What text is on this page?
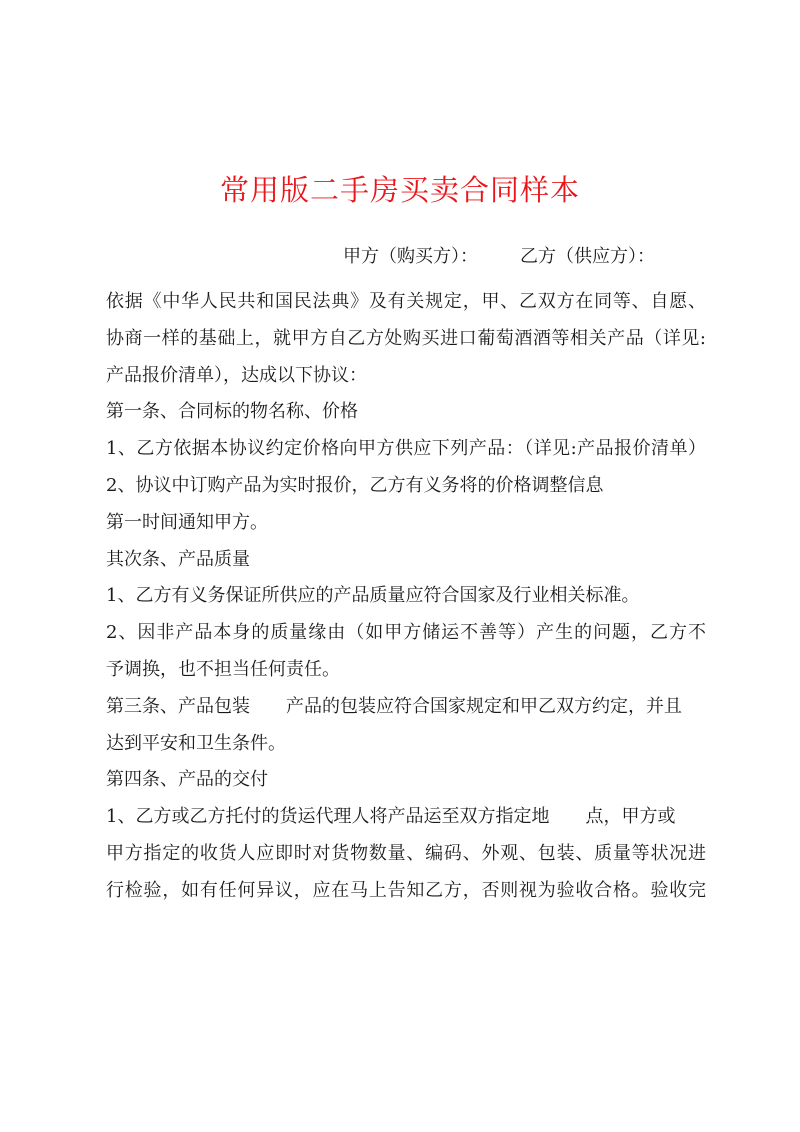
常用版二手房买卖合同样本
甲方（购买方）： 乙方（供应方）：
依据《中华人民共和国民法典》及有关规定，甲、乙双方在同等、自愿、
协商一样的基础上，就甲方自乙方处购买进口葡萄酒酒等相关产品（详见:
产品报价清单），达成以下协议：
第一条、合同标的物名称、价格
1、乙方依据本协议约定价格向甲方供应下列产品：（详见:产品报价清单）
2、协议中订购产品为实时报价，乙方有义务将的价格调整信息
第一时间通知甲方。
其次条、产品质量
1、乙方有义务保证所供应的产品质量应符合国家及行业相关标准。
2、因非产品本身的质量缘由（如甲方储运不善等）产生的问题，乙方不
予调换，也不担当任何责任。
第三条、产品包装 产品的包装应符合国家规定和甲乙双方约定，并且
达到平安和卫生条件。
第四条、产品的交付
1、乙方或乙方托付的货运代理人将产品运至双方指定地 点，甲方或
甲方指定的收货人应即时对货物数量、编码、外观、包装、质量等状况进
行检验，如有任何异议，应在马上告知乙方，否则视为验收合格。验收完
